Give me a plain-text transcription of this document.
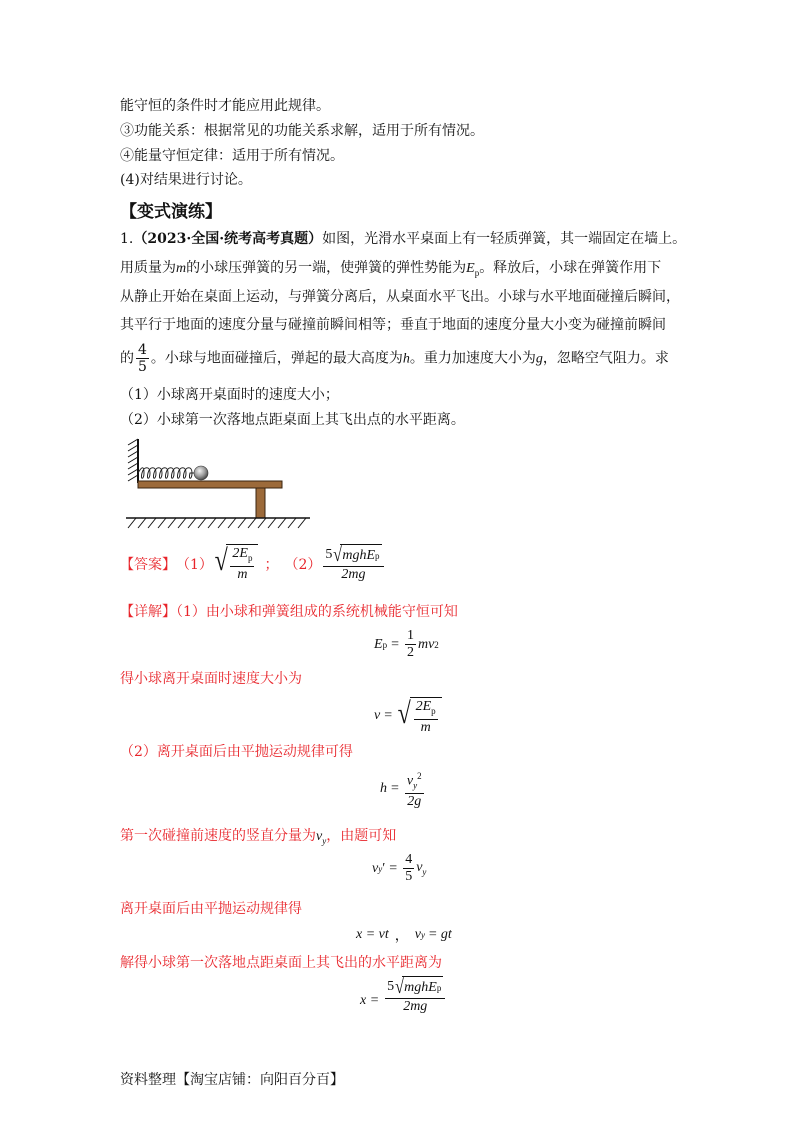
能守恒的条件时才能应用此规律。
③功能关系：根据常见的功能关系求解，适用于所有情况。
④能量守恒定律：适用于所有情况。
(4)对结果进行讨论。
【变式演练】
1.（2023·全国·统考高考真题）如图，光滑水平桌面上有一轻质弹簧，其一端固定在墙上。
用质量为m的小球压弹簧的另一端，使弹簧的弹性势能为$E_p$。释放后，小球在弹簧作用下
从静止开始在桌面上运动，与弹簧分离后，从桌面水平飞出。小球与水平地面碰撞后瞬间，
其平行于地面的速度分量与碰撞前瞬间相等；垂直于地面的速度分量大小变为碰撞前瞬间
的 $\frac{4}{5}$ 。小球与地面碰撞后，弹起的最大高度为h。重力加速度大小为g，忽略空气阻力。求
（1）小球离开桌面时的速度大小；
（2）小球第一次落地点距桌面上其飞出点的水平距离。
【答案】 （1） √ $\frac{2E_p}{m}$ ； $(2) \frac{\text{5 √ mghE p}}{2mg}$
【详解】（1）由小球和弹簧组成的系统机械能守恒可知
E $p = \frac{1}{2}$ mv 2
得小球离开桌面时速度大小为
v = √ $\frac{2E_p}{m}$
（2）离开桌面后由平抛运动规律可得
$h = \frac{v_y^2}{2g}$
第一次碰撞前速度的竖直分量为$v_y$，由题可知
v y ′ = $\frac{4}{5} v_y$
离开桌面后由平抛运动规律得
x = vt ， v y = gt
解得小球第一次落地点距桌面上其飞出的水平距离为
$x = \frac{\text{5 √ mghE p}}{2mg}$
资料整理【淘宝店铺：向阳百分百】
